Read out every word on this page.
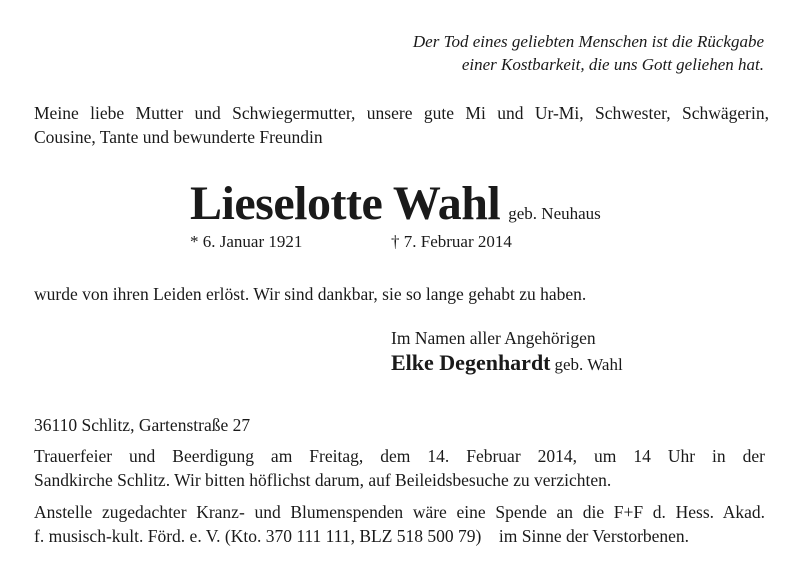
Der Tod eines geliebten Menschen ist die Rückgabe
einer Kostbarkeit, die uns Gott geliehen hat.
Meine liebe Mutter und Schwiegermutter, unsere gute Mi und Ur-Mi, Schwester, Schwägerin,
Cousine, Tante und bewunderte Freundin
Lieselotte Wahl geb. Neuhaus
* 6. Januar 1921	† 7. Februar 2014
wurde von ihren Leiden erlöst. Wir sind dankbar, sie so lange gehabt zu haben.
Im Namen aller Angehörigen
Elke Degenhardt geb. Wahl
36110 Schlitz, Gartenstraße 27
Trauerfeier und Beerdigung am Freitag, dem 14. Februar 2014, um 14 Uhr in der
Sandkirche Schlitz. Wir bitten höflichst darum, auf Beileidsbesuche zu verzichten.
Anstelle zugedachter Kranz- und Blumenspenden wäre eine Spende an die F+F d. Hess. Akad.
f. musisch-kult. Förd. e. V. (Kto. 370 111 111, BLZ 518 500 79)    im Sinne der Verstorbenen.
